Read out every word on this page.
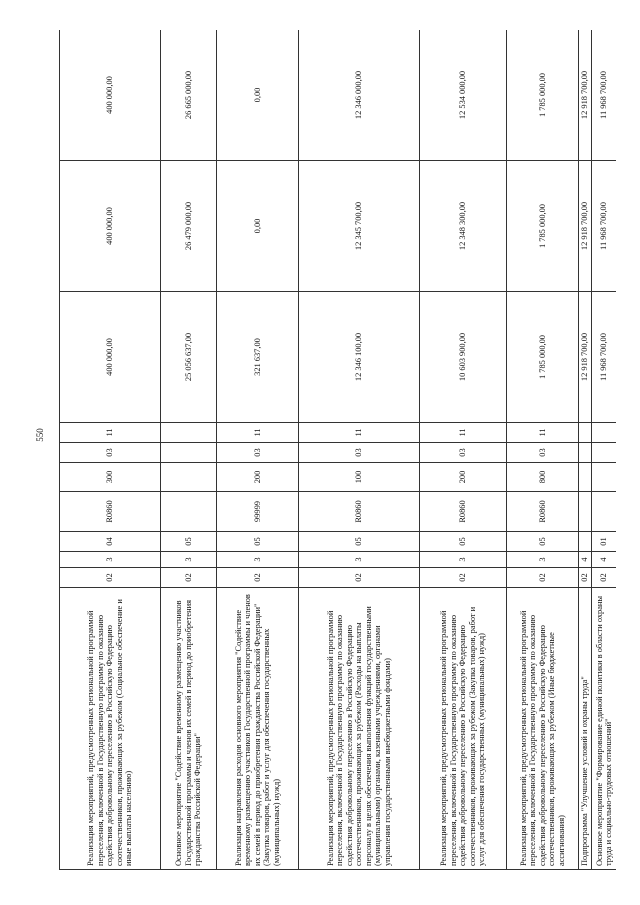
550
Реализация мероприятий, предусмотренных региональной программой переселения, включенной в Государственную программу по оказанию содействия добровольному переселению в Российскую Федерацию соотечественников, проживающих за рубежом (Социальное обеспечение и иные выплаты населению)	02	3	04	R0860	300	03	11	400 000,00	400 000,00	400 000,00
Основное мероприятие "Содействие временному размещению участников Государственной программы и членов их семей в период до приобретения гражданства Российской Федерации"	02	3	05					25 056 637,00	26 479 000,00	26 665 000,00
Реализация направления расходов основного мероприятия "Содействие временному размещению участников Государственной программы и членов их семей в период до приобретения гражданства Российской Федерации" (Закупка товаров, работ и услуг для обеспечения государственных (муниципальных) нужд)	02	3	05	99999	200	03	11	321 637,00	0,00	0,00
Реализация мероприятий, предусмотренных региональной программой переселения, включенной в Государственную программу по оказанию содействия добровольному переселению в Российскую Федерацию соотечественников, проживающих за рубежом (Расходы на выплаты персоналу в целях обеспечения выполнения функций государственными (муниципальными) органами, казенными учреждениями, органами управления государственными внебюджетными фондами)	02	3	05	R0860	100	03	11	12 346 100,00	12 345 700,00	12 346 000,00
Реализация мероприятий, предусмотренных региональной программой переселения, включенной в Государственную программу по оказанию содействия добровольному переселению в Российскую Федерацию соотечественников, проживающих за рубежом (Закупка товаров, работ и услуг для обеспечения государственных (муниципальных) нужд)	02	3	05	R0860	200	03	11	10 603 900,00	12 348 300,00	12 534 000,00
Реализация мероприятий, предусмотренных региональной программой переселения, включенной в Государственную программу по оказанию содействия добровольному переселению в Российскую Федерацию соотечественников, проживающих за рубежом (Иные бюджетные ассигнования)	02	3	05	R0860	800	03	11	1 785 000,00	1 785 000,00	1 785 000,00
Подпрограмма "Улучшение условий и охраны труда"	02	4						12 918 700,00	12 918 700,00	12 918 700,00
Основное мероприятие "Формирование единой политики в области охраны труда и социально-трудовых отношений"	02	4	01					11 968 700,00	11 968 700,00	11 968 700,00
